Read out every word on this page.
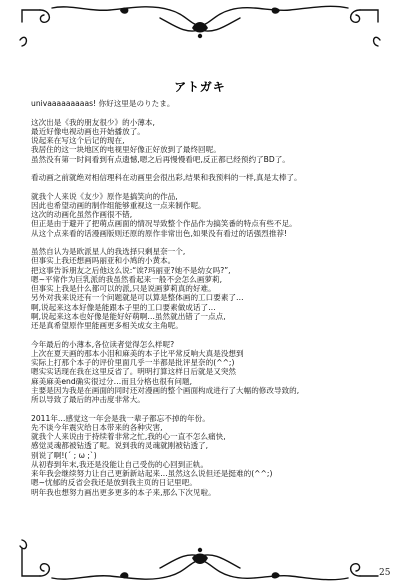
アトガキ
univaaaaaaaaas! 你好这里是のりたま。
这次出是《我的朋友很少》的小薄本,
最近好像电视动画也开始播放了。
说起来在写这个后记的现在,
我居住的这一块地区的电视里好像正好放到了最终回呢。
虽然没有第一时间看到有点遗憾,嗯之后再慢慢看吧,反正都已经预约了BD了。
看动画之前就绝对相信理科在动画里会很出彩,结果和我预料的一样,真是太棒了。
就我个人来说《友少》原作是搞笑向的作品,
因此也希望动画的制作组能够重视这一点来制作呢。
这次的动画化虽然作画很不错,
但正是由于避开了把萌点画面的情况导致整个作品作为搞笑番的特点有些不足。
从这个点来看的话漫画版则还原的原作非常出色,如果没有看过的话强烈推荐!
虽然自认为是欧派星人的我选择只剩星奈一个,
但事实上我还想画吗丽亚和小鸠的小黄本。
把这事告诉朋友之后他这么说:“诶?玛丽亚?她不是幼女吗?”,
嗯~平常作为巨乳派的我虽然看起来一般不会怎么画萝莉,
但事实上我是什么都可以的派,只是说画萝莉真的好难。
另外对我来说还有一个问题就是可以算是整体画的工口要素了…
啊,说起来这本好像是能跟本子里的工口要素做成话了…
啊,说起来这本也好像是能好好萌啊…虽然就出错了一点点,
还是真希望原作里能画更多相关成女主角呢。
今年最后的小薄本,各位读者觉得怎么样呢?
上次在夏天画的那本小泪和麻美的本子比平常反响大真是没想到
实际上打那个本子的评价里面几乎一半都是批评星奈的(^^;)
嗯实实话现在我在这里反省了。明明打算这样日后就是又突然
麻美麻美end确实很过分…而且分格也很有问题,
主要是因为我是在画面的同时还对漫画的整个画面构成进行了大幅的修改导致的,
所以导致了最后的冲击度非常大。
2011年…感觉这一年会是我一辈子都忘不掉的年份。
先不谈今年震灾给日本带来的各种灾害,
就我个人来说由于持续着非常之忙,我的心一直不怎么痛快,
感觉灵魂都被钻透了呢。说到我的灵魂就刚被钻透了,
别说了啊!(´ ; ω ;`)
从初春到年末,我还是没能让自己受伤的心回到正轨。
来年我会继续努力让自己更新新站起来…虽然这么说但还是挺难的(^^;)
嗯~忧郁的反省会我还是放到我主页的日记里吧。
明年我也想努力画出更多更多的本子来,那么下次见啦。
25
